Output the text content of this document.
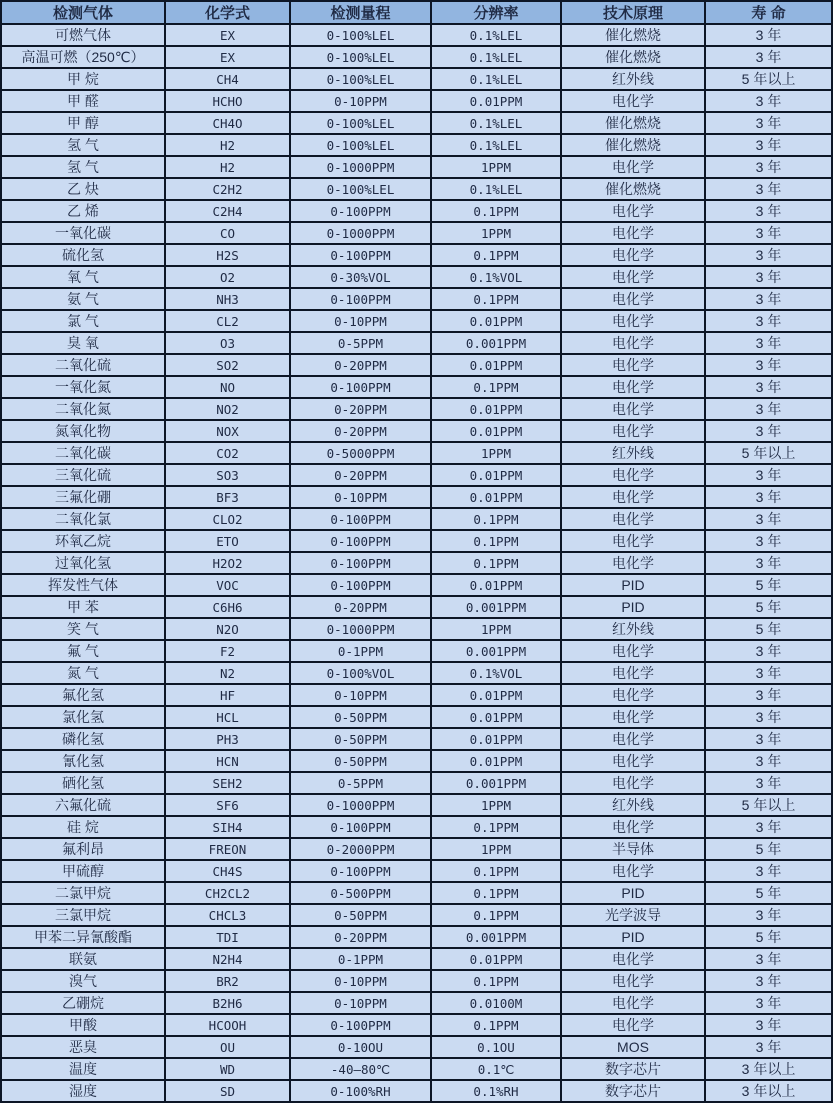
检测气体	化学式	检测量程	分辨率	技术原理	寿 命
可燃气体	EX	0-100%LEL	0.1%LEL	催化燃烧	3 年
高温可燃（250℃）	EX	0-100%LEL	0.1%LEL	催化燃烧	3 年
甲 烷	CH4	0-100%LEL	0.1%LEL	红外线	5 年以上
甲 醛	HCHO	0-10PPM	0.01PPM	电化学	3 年
甲 醇	CH4O	0-100%LEL	0.1%LEL	催化燃烧	3 年
氢 气	H2	0-100%LEL	0.1%LEL	催化燃烧	3 年
氢 气	H2	0-1000PPM	1PPM	电化学	3 年
乙 炔	C2H2	0-100%LEL	0.1%LEL	催化燃烧	3 年
乙 烯	C2H4	0-100PPM	0.1PPM	电化学	3 年
一氧化碳	CO	0-1000PPM	1PPM	电化学	3 年
硫化氢	H2S	0-100PPM	0.1PPM	电化学	3 年
氧 气	O2	0-30%VOL	0.1%VOL	电化学	3 年
氨 气	NH3	0-100PPM	0.1PPM	电化学	3 年
氯 气	CL2	0-10PPM	0.01PPM	电化学	3 年
臭 氧	O3	0-5PPM	0.001PPM	电化学	3 年
二氧化硫	SO2	0-20PPM	0.01PPM	电化学	3 年
一氧化氮	NO	0-100PPM	0.1PPM	电化学	3 年
二氧化氮	NO2	0-20PPM	0.01PPM	电化学	3 年
氮氧化物	NOX	0-20PPM	0.01PPM	电化学	3 年
二氧化碳	CO2	0-5000PPM	1PPM	红外线	5 年以上
三氧化硫	SO3	0-20PPM	0.01PPM	电化学	3 年
三氟化硼	BF3	0-10PPM	0.01PPM	电化学	3 年
二氧化氯	CLO2	0-100PPM	0.1PPM	电化学	3 年
环氧乙烷	ETO	0-100PPM	0.1PPM	电化学	3 年
过氧化氢	H2O2	0-100PPM	0.1PPM	电化学	3 年
挥发性气体	VOC	0-100PPM	0.01PPM	PID	5 年
甲 苯	C6H6	0-20PPM	0.001PPM	PID	5 年
笑 气	N2O	0-1000PPM	1PPM	红外线	5 年
氟 气	F2	0-1PPM	0.001PPM	电化学	3 年
氮 气	N2	0-100%VOL	0.1%VOL	电化学	3 年
氟化氢	HF	0-10PPM	0.01PPM	电化学	3 年
氯化氢	HCL	0-50PPM	0.01PPM	电化学	3 年
磷化氢	PH3	0-50PPM	0.01PPM	电化学	3 年
氰化氢	HCN	0-50PPM	0.01PPM	电化学	3 年
硒化氢	SEH2	0-5PPM	0.001PPM	电化学	3 年
六氟化硫	SF6	0-1000PPM	1PPM	红外线	5 年以上
硅 烷	SIH4	0-100PPM	0.1PPM	电化学	3 年
氟利昂	FREON	0-2000PPM	1PPM	半导体	5 年
甲硫醇	CH4S	0-100PPM	0.1PPM	电化学	3 年
二氯甲烷	CH2CL2	0-500PPM	0.1PPM	PID	5 年
三氯甲烷	CHCL3	0-50PPM	0.1PPM	光学波导	3 年
甲苯二异氰酸酯	TDI	0-20PPM	0.001PPM	PID	5 年
联氨	N2H4	0-1PPM	0.01PPM	电化学	3 年
溴气	BR2	0-10PPM	0.1PPM	电化学	3 年
乙硼烷	B2H6	0-10PPM	0.0100M	电化学	3 年
甲酸	HCOOH	0-100PPM	0.1PPM	电化学	3 年
恶臭	OU	0-10OU	0.1OU	MOS	3 年
温度	WD	-40—80℃	0.1℃	数字芯片	3 年以上
湿度	SD	0-100%RH	0.1%RH	数字芯片	3 年以上
